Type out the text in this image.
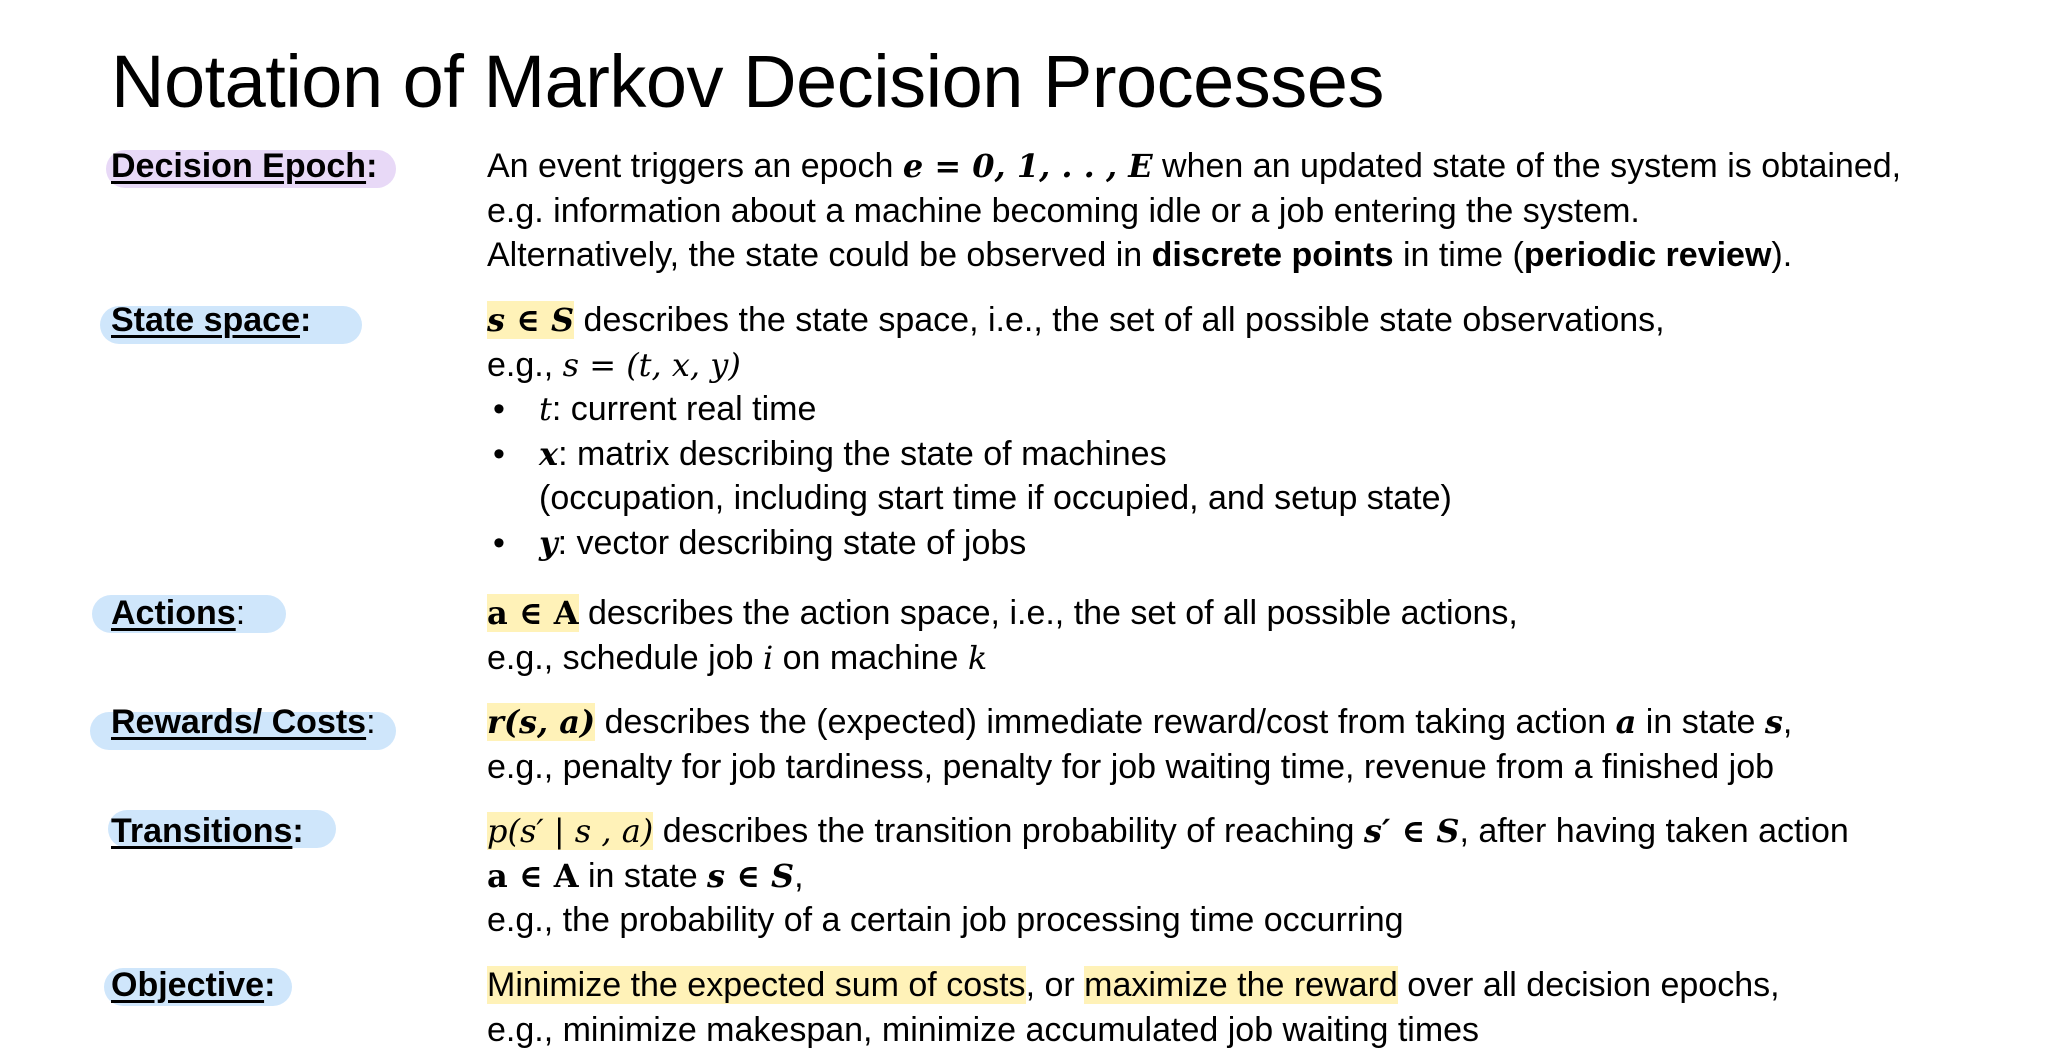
Notation of Markov Decision Processes
Decision Epoch:	An event triggers an epoch e = 0, 1, . . , E when an updated state of the system is obtained,
e.g. information about a machine becoming idle or a job entering the system.
Alternatively, the state could be observed in discrete points in time (periodic review).
State space:	s ∈ S describes the state space, i.e., the set of all possible state observations,
e.g., s = (t, x, y)
• t: current real time
• x: matrix describing the state of machines
(occupation, including start time if occupied, and setup state)
• y: vector describing state of jobs
Actions:	a ∈ A describes the action space, i.e., the set of all possible actions,
e.g., schedule job i on machine k
Rewards/ Costs:	r(s, a) describes the (expected) immediate reward/cost from taking action a in state s,
e.g., penalty for job tardiness, penalty for job waiting time, revenue from a finished job
Transitions:	p(s′ | s , a) describes the transition probability of reaching s′ ∈ S, after having taken action
a ∈ A in state s ∈ S,
e.g., the probability of a certain job processing time occurring
Objective:	Minimize the expected sum of costs, or maximize the reward over all decision epochs,
e.g., minimize makespan, minimize accumulated job waiting times
